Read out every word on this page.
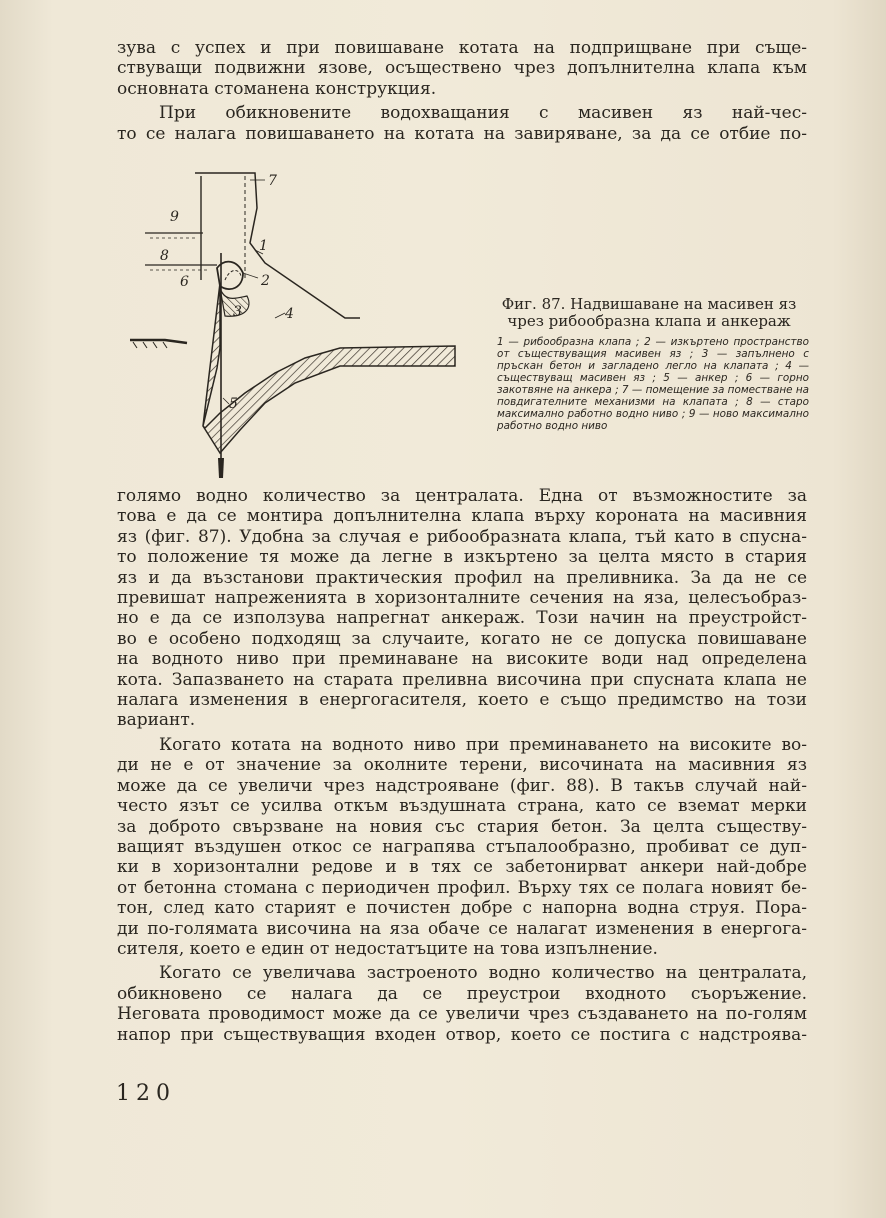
зува с успех и при повишаване котата на подприщване при съще-
ствуващи подвижни язове, осъществено чрез допълнителна клапа към
основната стоманена конструкция.

При обикновените водохващания с масивен яз най-чес-
то се налага повишаването на котата на завиряване, за да се отбие по-

1
2
3	4
5
6
7
8
9
Фиг. 87. Надвишаване на масивен яз чрез рибообразна клапа и анкераж
1 — рибообразна клапа ; 2 — изкъртено пространство от съществуващия масивен яз ; 3 — запълнено с пръскан бетон и загладено легло на клапата ; 4 — съществуващ масивен яз ; 5 — анкер ; 6 — горно закотвяне на анкера ; 7 — помещение за поместване на повдигателните механизми на клапата ; 8 — старо максимално работно водно ниво ; 9 — ново максимално работно водно ниво

голямо водно количество за централата. Една от възможностите за
това е да се монтира допълнителна клапа върху короната на масивния
яз (фиг. 87). Удобна за случая е рибообразната клапа, тъй като в спусна-
то положение тя може да легне в изкъртено за целта място в стария
яз и да възстанови практическия профил на преливника. За да не се
превишат напреженията в хоризонталните сечения на яза, целесъобраз-
но е да се използува напрегнат анкераж. Този начин на преустройст-
во е особено подходящ за случаите, когато не се допуска повишаване
на водното ниво при преминаване на високите води над определена
кота. Запазването на старата преливна височина при спусната клапа не
налага изменения в енергогасителя, което е също предимство на този
вариант.

Когато котата на водното ниво при преминаването на високите во-
ди не е от значение за околните терени, височината на масивния яз
може да се увеличи чрез надстрояване (фиг. 88). В такъв случай най-
често язът се усилва откъм въздушната страна, като се вземат мерки
за доброто свързване на новия със стария бетон. За целта съществу-
ващият въздушен откос се награпява стъпалообразно, пробиват се дуп-
ки в хоризонтални редове и в тях се забетонирват анкери най-добре
от бетонна стомана с периодичен профил. Върху тях се полага новият бе-
тон, след като старият е почистен добре с напорна водна струя. Пора-
ди по-голямата височина на яза обаче се налагат изменения в енергога-
сителя, което е един от недостатъците на това изпълнение.

Когато се увеличава застроеното водно количество на централата,
обикновено се налага да се преустрои входното съоръжение.
Неговата проводимост може да се увеличи чрез създаването на по-голям
напор при съществуващия входен отвор, което се постига с надстроява-

120
